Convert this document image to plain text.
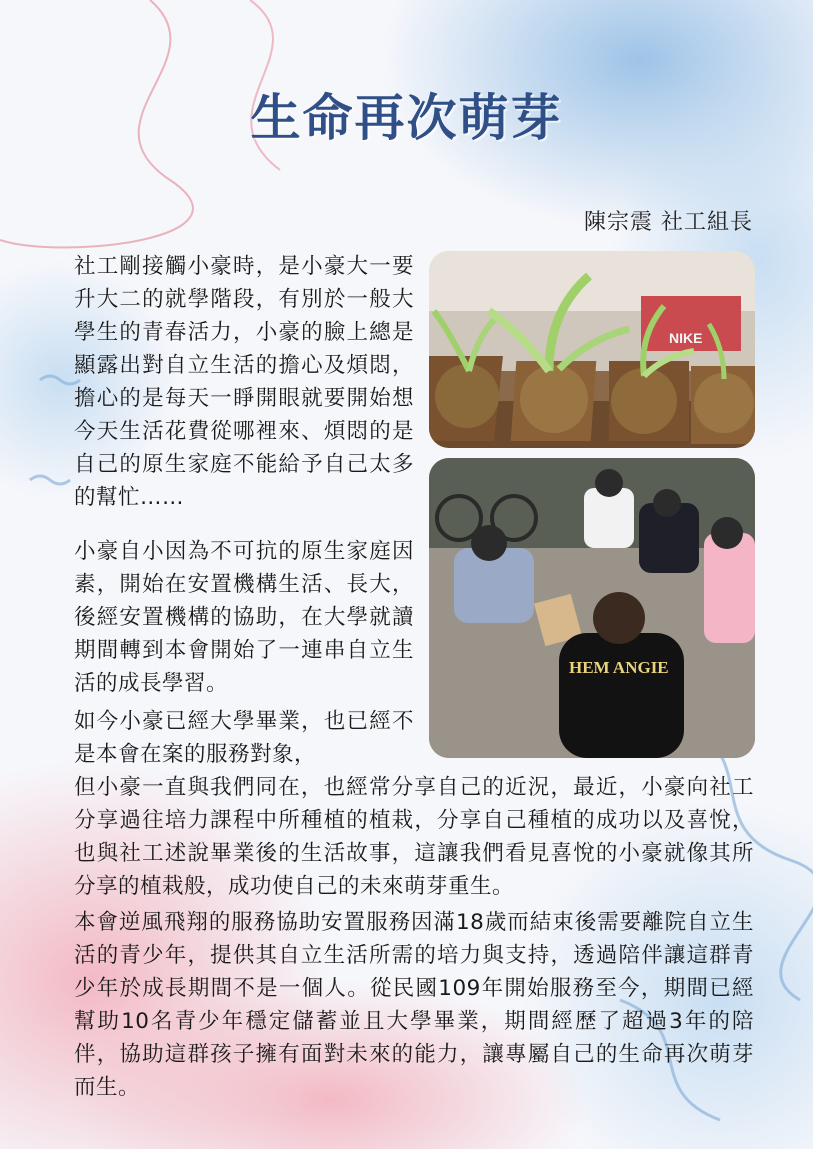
生命再次萌芽
陳宗震 社工組長
社工剛接觸小豪時，是小豪大一要升大二的就學階段，有別於一般大學生的青春活力，小豪的臉上總是顯露出對自立生活的擔心及煩悶，擔心的是每天一睜開眼就要開始想今天生活花費從哪裡來、煩悶的是自己的原生家庭不能給予自己太多的幫忙……
小豪自小因為不可抗的原生家庭因素，開始在安置機構生活、長大，後經安置機構的協助，在大學就讀期間轉到本會開始了一連串自立生活的成長學習。
如今小豪已經大學畢業，也已經不是本會在案的服務對象，
但小豪一直與我們同在，也經常分享自己的近況，最近，小豪向社工分享過往培力課程中所種植的植栽，分享自己種植的成功以及喜悅，也與社工述說畢業後的生活故事，這讓我們看見喜悅的小豪就像其所分享的植栽般，成功使自己的未來萌芽重生。
本會逆風飛翔的服務協助安置服務因滿18歲而結束後需要離院自立生活的青少年，提供其自立生活所需的培力與支持，透過陪伴讓這群青少年於成長期間不是一個人。從民國109年開始服務至今，期間已經幫助10名青少年穩定儲蓄並且大學畢業，期間經歷了超過3年的陪伴，協助這群孩子擁有面對未來的能力，讓專屬自己的生命再次萌芽而生。
NIKE
HEM ANGIE
